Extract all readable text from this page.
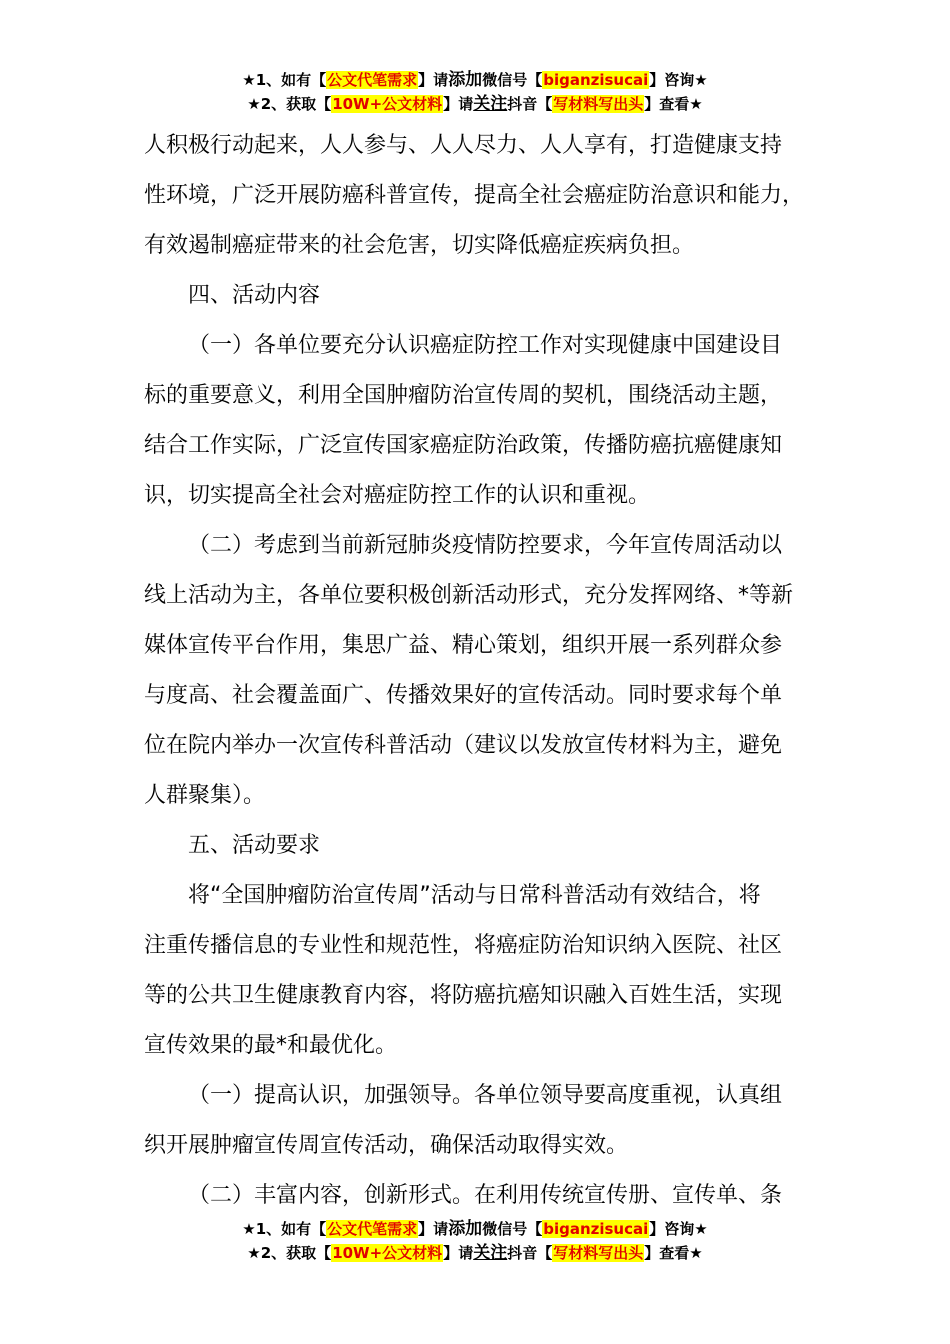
★1、如有【公文代笔需求】请添加微信号【biganzisucai】咨询★
★2、获取【10W+公文材料】请关注抖音【写材料写出头】查看★

人积极行动起来，人人参与、人人尽力、人人享有，打造健康支持

性环境，广泛开展防癌科普宣传，提高全社会癌症防治意识和能力，

有效遏制癌症带来的社会危害，切实降低癌症疾病负担。

四、活动内容

（一）各单位要充分认识癌症防控工作对实现健康中国建设目

标的重要意义，利用全国肿瘤防治宣传周的契机，围绕活动主题，

结合工作实际，广泛宣传国家癌症防治政策，传播防癌抗癌健康知

识，切实提高全社会对癌症防控工作的认识和重视。

（二）考虑到当前新冠肺炎疫情防控要求，今年宣传周活动以

线上活动为主，各单位要积极创新活动形式，充分发挥网络、*等新

媒体宣传平台作用，集思广益、精心策划，组织开展一系列群众参

与度高、社会覆盖面广、传播效果好的宣传活动。同时要求每个单

位在院内举办一次宣传科普活动（建议以发放宣传材料为主，避免

人群聚集）。

五、活动要求

将“全国肿瘤防治宣传周”活动与日常科普活动有效结合，将

注重传播信息的专业性和规范性，将癌症防治知识纳入医院、社区

等的公共卫生健康教育内容，将防癌抗癌知识融入百姓生活，实现

宣传效果的最*和最优化。

（一）提高认识，加强领导。各单位领导要高度重视，认真组

织开展肿瘤宣传周宣传活动，确保活动取得实效。

（二）丰富内容，创新形式。在利用传统宣传册、宣传单、条

★1、如有【公文代笔需求】请添加微信号【biganzisucai】咨询★
★2、获取【10W+公文材料】请关注抖音【写材料写出头】查看★
